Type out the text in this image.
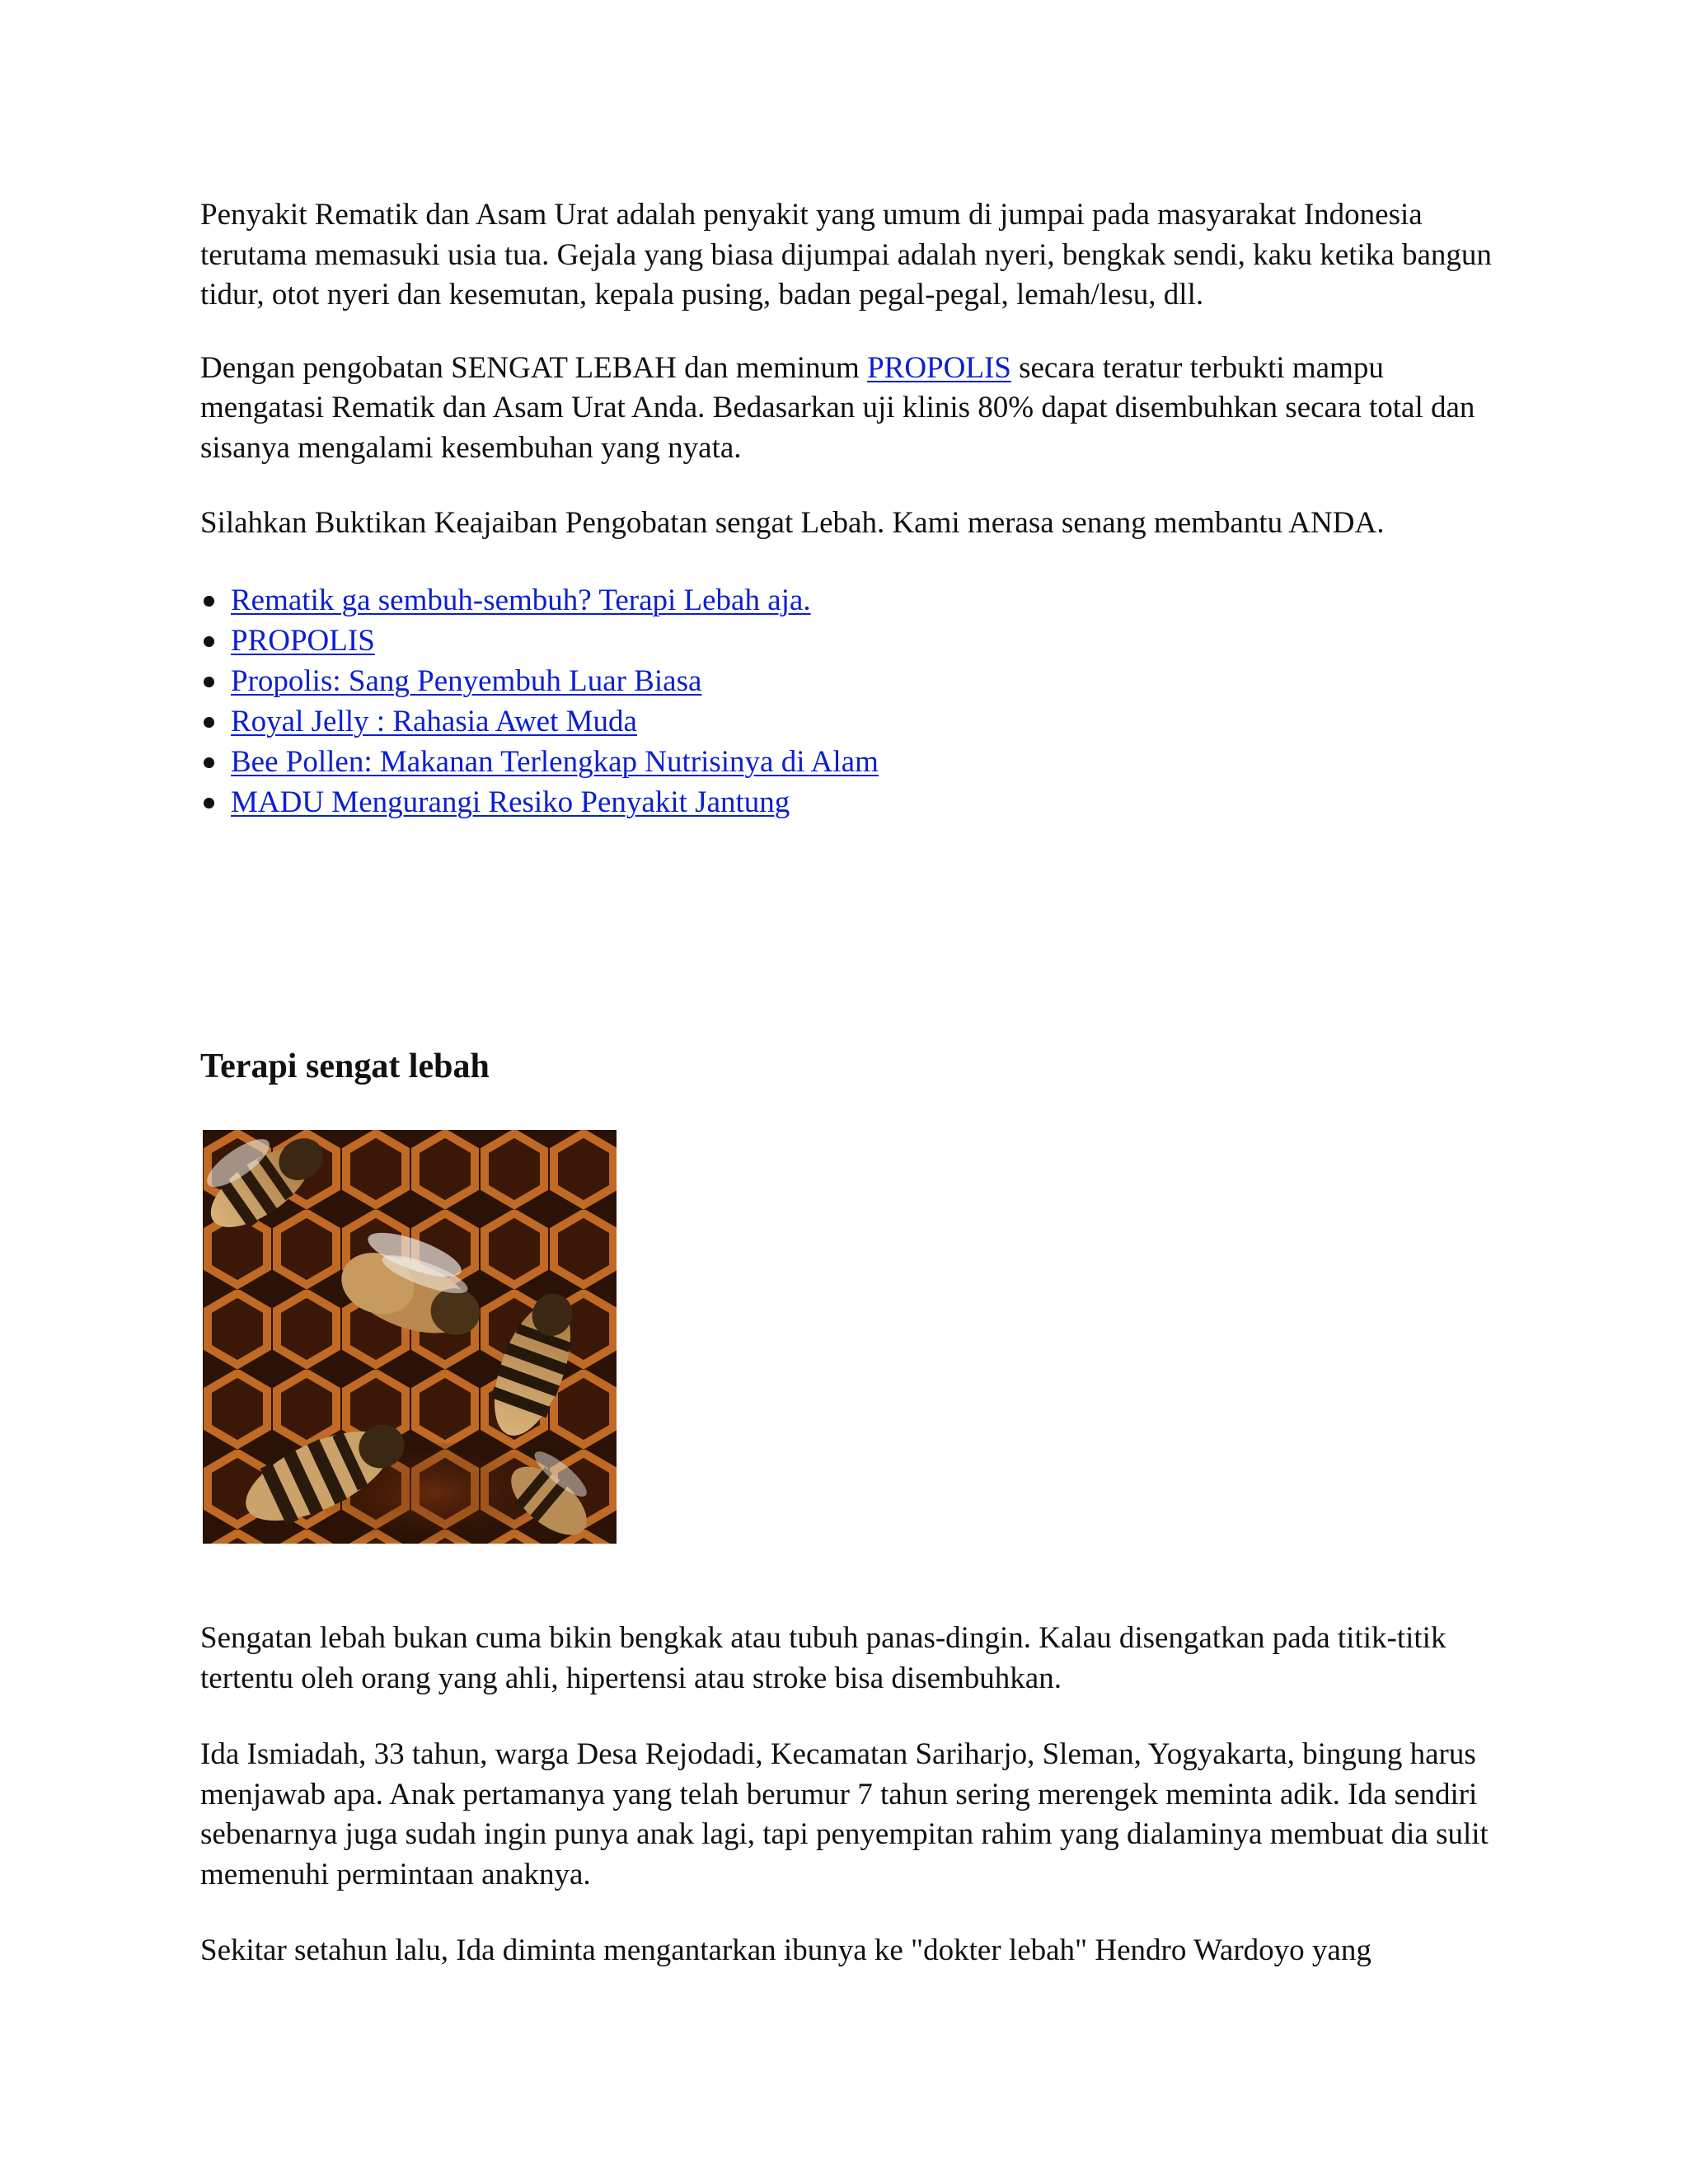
Penyakit Rematik dan Asam Urat adalah penyakit yang umum di jumpai pada masyarakat Indonesia terutama memasuki usia tua. Gejala yang biasa dijumpai adalah nyeri, bengkak sendi, kaku ketika bangun tidur, otot nyeri dan kesemutan, kepala pusing, badan pegal-pegal, lemah/lesu, dll.

Dengan pengobatan SENGAT LEBAH dan meminum PROPOLIS secara teratur terbukti mampu mengatasi Rematik dan Asam Urat Anda. Bedasarkan uji klinis 80% dapat disembuhkan secara total dan sisanya mengalami kesembuhan yang nyata.

Silahkan Buktikan Keajaiban Pengobatan sengat Lebah. Kami merasa senang membantu ANDA.

Rematik ga sembuh-sembuh? Terapi Lebah aja.
PROPOLIS
Propolis: Sang Penyembuh Luar Biasa
Royal Jelly : Rahasia Awet Muda
Bee Pollen: Makanan Terlengkap Nutrisinya di Alam
MADU Mengurangi Resiko Penyakit Jantung
Terapi sengat lebah

Sengatan lebah bukan cuma bikin bengkak atau tubuh panas-dingin. Kalau disengatkan pada titik-titik tertentu oleh orang yang ahli, hipertensi atau stroke bisa disembuhkan.

Ida Ismiadah, 33 tahun, warga Desa Rejodadi, Kecamatan Sariharjo, Sleman, Yogyakarta, bingung harus menjawab apa. Anak pertamanya yang telah berumur 7 tahun sering merengek meminta adik. Ida sendiri sebenarnya juga sudah ingin punya anak lagi, tapi penyempitan rahim yang dialaminya membuat dia sulit memenuhi permintaan anaknya.

Sekitar setahun lalu, Ida diminta mengantarkan ibunya ke "dokter lebah" Hendro Wardoyo yang
